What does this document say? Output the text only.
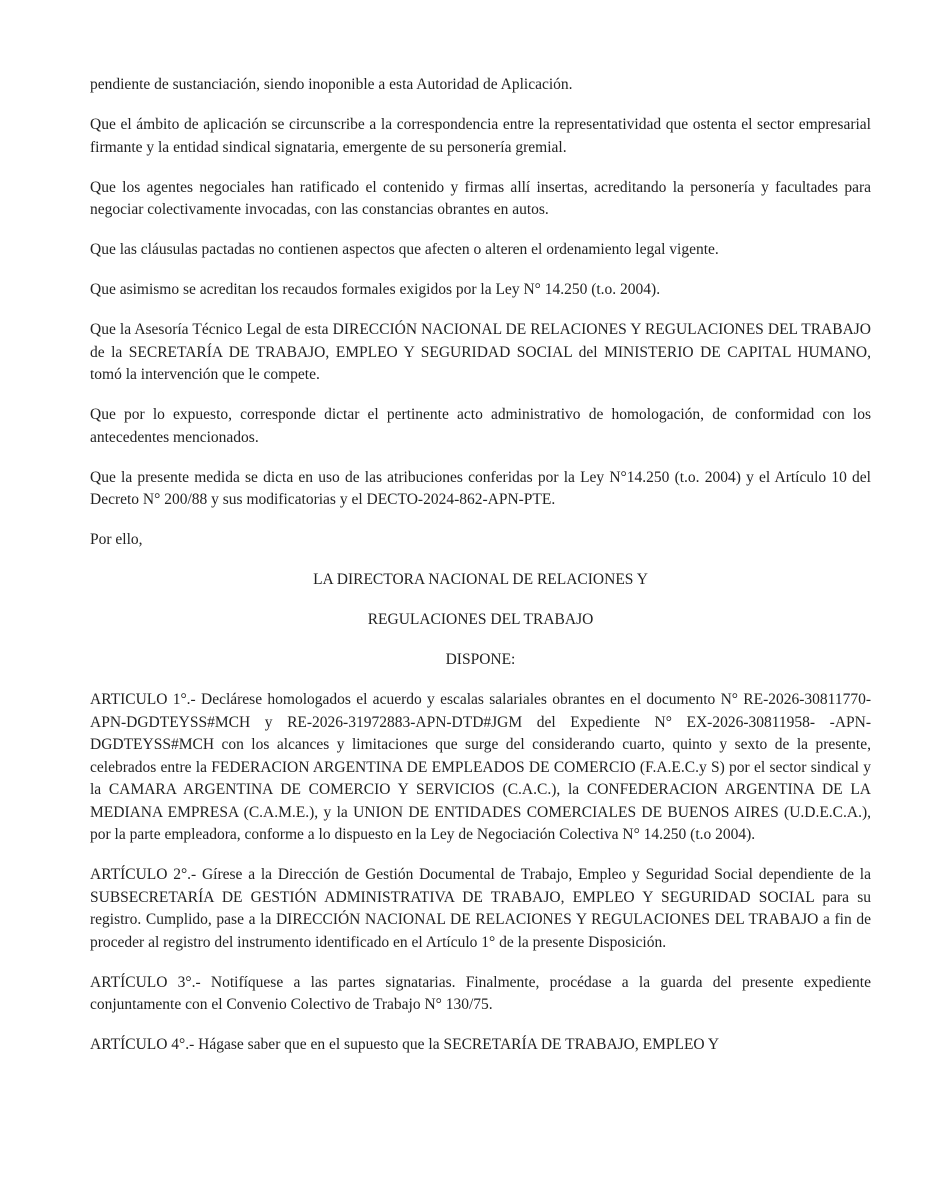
pendiente de sustanciación, siendo inoponible a esta Autoridad de Aplicación.

Que el ámbito de aplicación se circunscribe a la correspondencia entre la representatividad que ostenta el sector empresarial firmante y la entidad sindical signataria, emergente de su personería gremial.

Que los agentes negociales han ratificado el contenido y firmas allí insertas, acreditando la personería y facultades para negociar colectivamente invocadas, con las constancias obrantes en autos.

Que las cláusulas pactadas no contienen aspectos que afecten o alteren el ordenamiento legal vigente.

Que asimismo se acreditan los recaudos formales exigidos por la Ley N° 14.250 (t.o. 2004).

Que la Asesoría Técnico Legal de esta DIRECCIÓN NACIONAL DE RELACIONES Y REGULACIONES DEL TRABAJO de la SECRETARÍA DE TRABAJO, EMPLEO Y SEGURIDAD SOCIAL del MINISTERIO DE CAPITAL HUMANO, tomó la intervención que le compete.

Que por lo expuesto, corresponde dictar el pertinente acto administrativo de homologación, de conformidad con los antecedentes mencionados.

Que la presente medida se dicta en uso de las atribuciones conferidas por la Ley N°14.250 (t.o. 2004) y el Artículo 10 del Decreto N° 200/88 y sus modificatorias y el DECTO-2024-862-APN-PTE.

Por ello,

LA DIRECTORA NACIONAL DE RELACIONES Y

REGULACIONES DEL TRABAJO

DISPONE:

ARTICULO 1°.- Declárese homologados el acuerdo y escalas salariales obrantes en el documento N° RE-2026-30811770-APN-DGDTEYSS#MCH y RE-2026-31972883-APN-DTD#JGM del Expediente N° EX-2026-30811958- -APN-DGDTEYSS#MCH con los alcances y limitaciones que surge del considerando cuarto, quinto y sexto de la presente, celebrados entre la FEDERACION ARGENTINA DE EMPLEADOS DE COMERCIO (F.A.E.C.y S) por el sector sindical y la CAMARA ARGENTINA DE COMERCIO Y SERVICIOS (C.A.C.), la CONFEDERACION ARGENTINA DE LA MEDIANA EMPRESA (C.A.M.E.), y la UNION DE ENTIDADES COMERCIALES DE BUENOS AIRES (U.D.E.C.A.), por la parte empleadora, conforme a lo dispuesto en la Ley de Negociación Colectiva N° 14.250 (t.o 2004).

ARTÍCULO 2°.- Gírese a la Dirección de Gestión Documental de Trabajo, Empleo y Seguridad Social dependiente de la SUBSECRETARÍA DE GESTIÓN ADMINISTRATIVA DE TRABAJO, EMPLEO Y SEGURIDAD SOCIAL para su registro. Cumplido, pase a la DIRECCIÓN NACIONAL DE RELACIONES Y REGULACIONES DEL TRABAJO a fin de proceder al registro del instrumento identificado en el Artículo 1° de la presente Disposición.

ARTÍCULO 3°.- Notifíquese a las partes signatarias. Finalmente, procédase a la guarda del presente expediente conjuntamente con el Convenio Colectivo de Trabajo N° 130/75.

ARTÍCULO 4°.- Hágase saber que en el supuesto que la SECRETARÍA DE TRABAJO, EMPLEO Y
